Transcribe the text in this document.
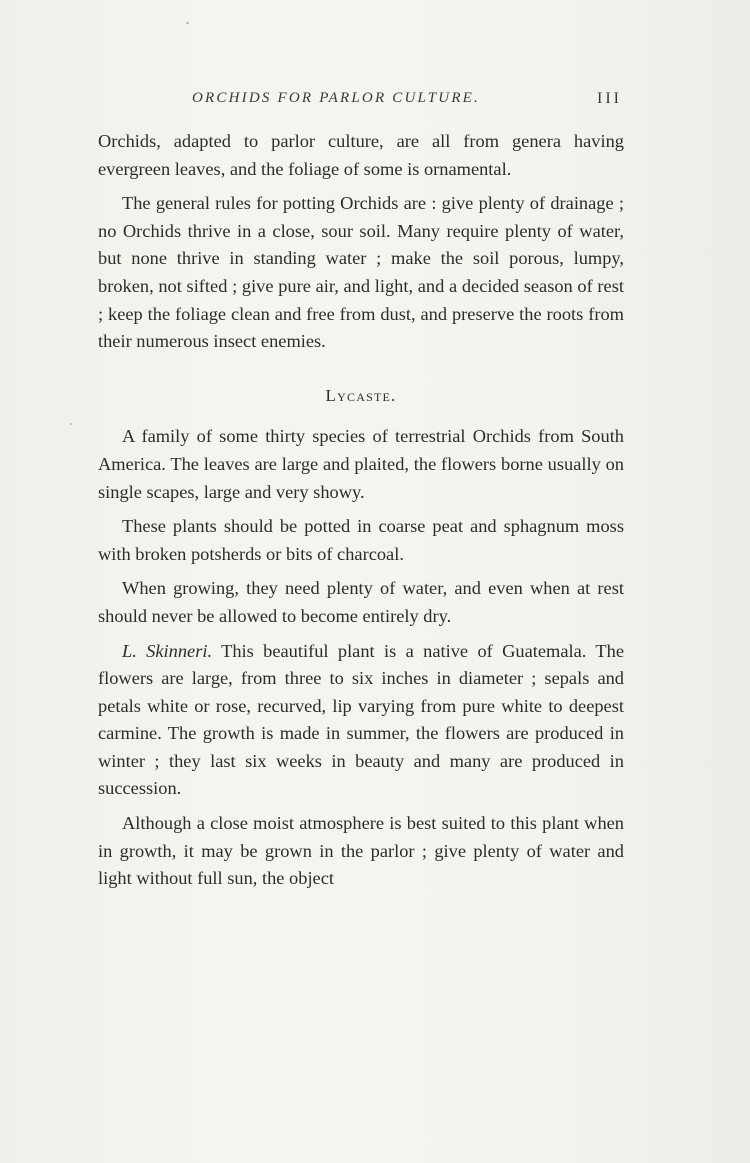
ORCHIDS FOR PARLOR CULTURE.	III

Orchids, adapted to parlor culture, are all from genera having evergreen leaves, and the foliage of some is ornamental.

The general rules for potting Orchids are : give plenty of drainage ; no Orchids thrive in a close, sour soil. Many require plenty of water, but none thrive in standing water ; make the soil porous, lumpy, broken, not sifted ; give pure air, and light, and a decided season of rest ; keep the foliage clean and free from dust, and preserve the roots from their numerous insect enemies.

Lycaste.

A family of some thirty species of terrestrial Orchids from South America. The leaves are large and plaited, the flowers borne usually on single scapes, large and very showy.

These plants should be potted in coarse peat and sphagnum moss with broken potsherds or bits of charcoal.

When growing, they need plenty of water, and even when at rest should never be allowed to become entirely dry.

L. Skinneri. This beautiful plant is a native of Guatemala. The flowers are large, from three to six inches in diameter ; sepals and petals white or rose, recurved, lip varying from pure white to deepest carmine. The growth is made in summer, the flowers are produced in winter ; they last six weeks in beauty and many are produced in succession.

Although a close moist atmosphere is best suited to this plant when in growth, it may be grown in the parlor ; give plenty of water and light without full sun, the object
